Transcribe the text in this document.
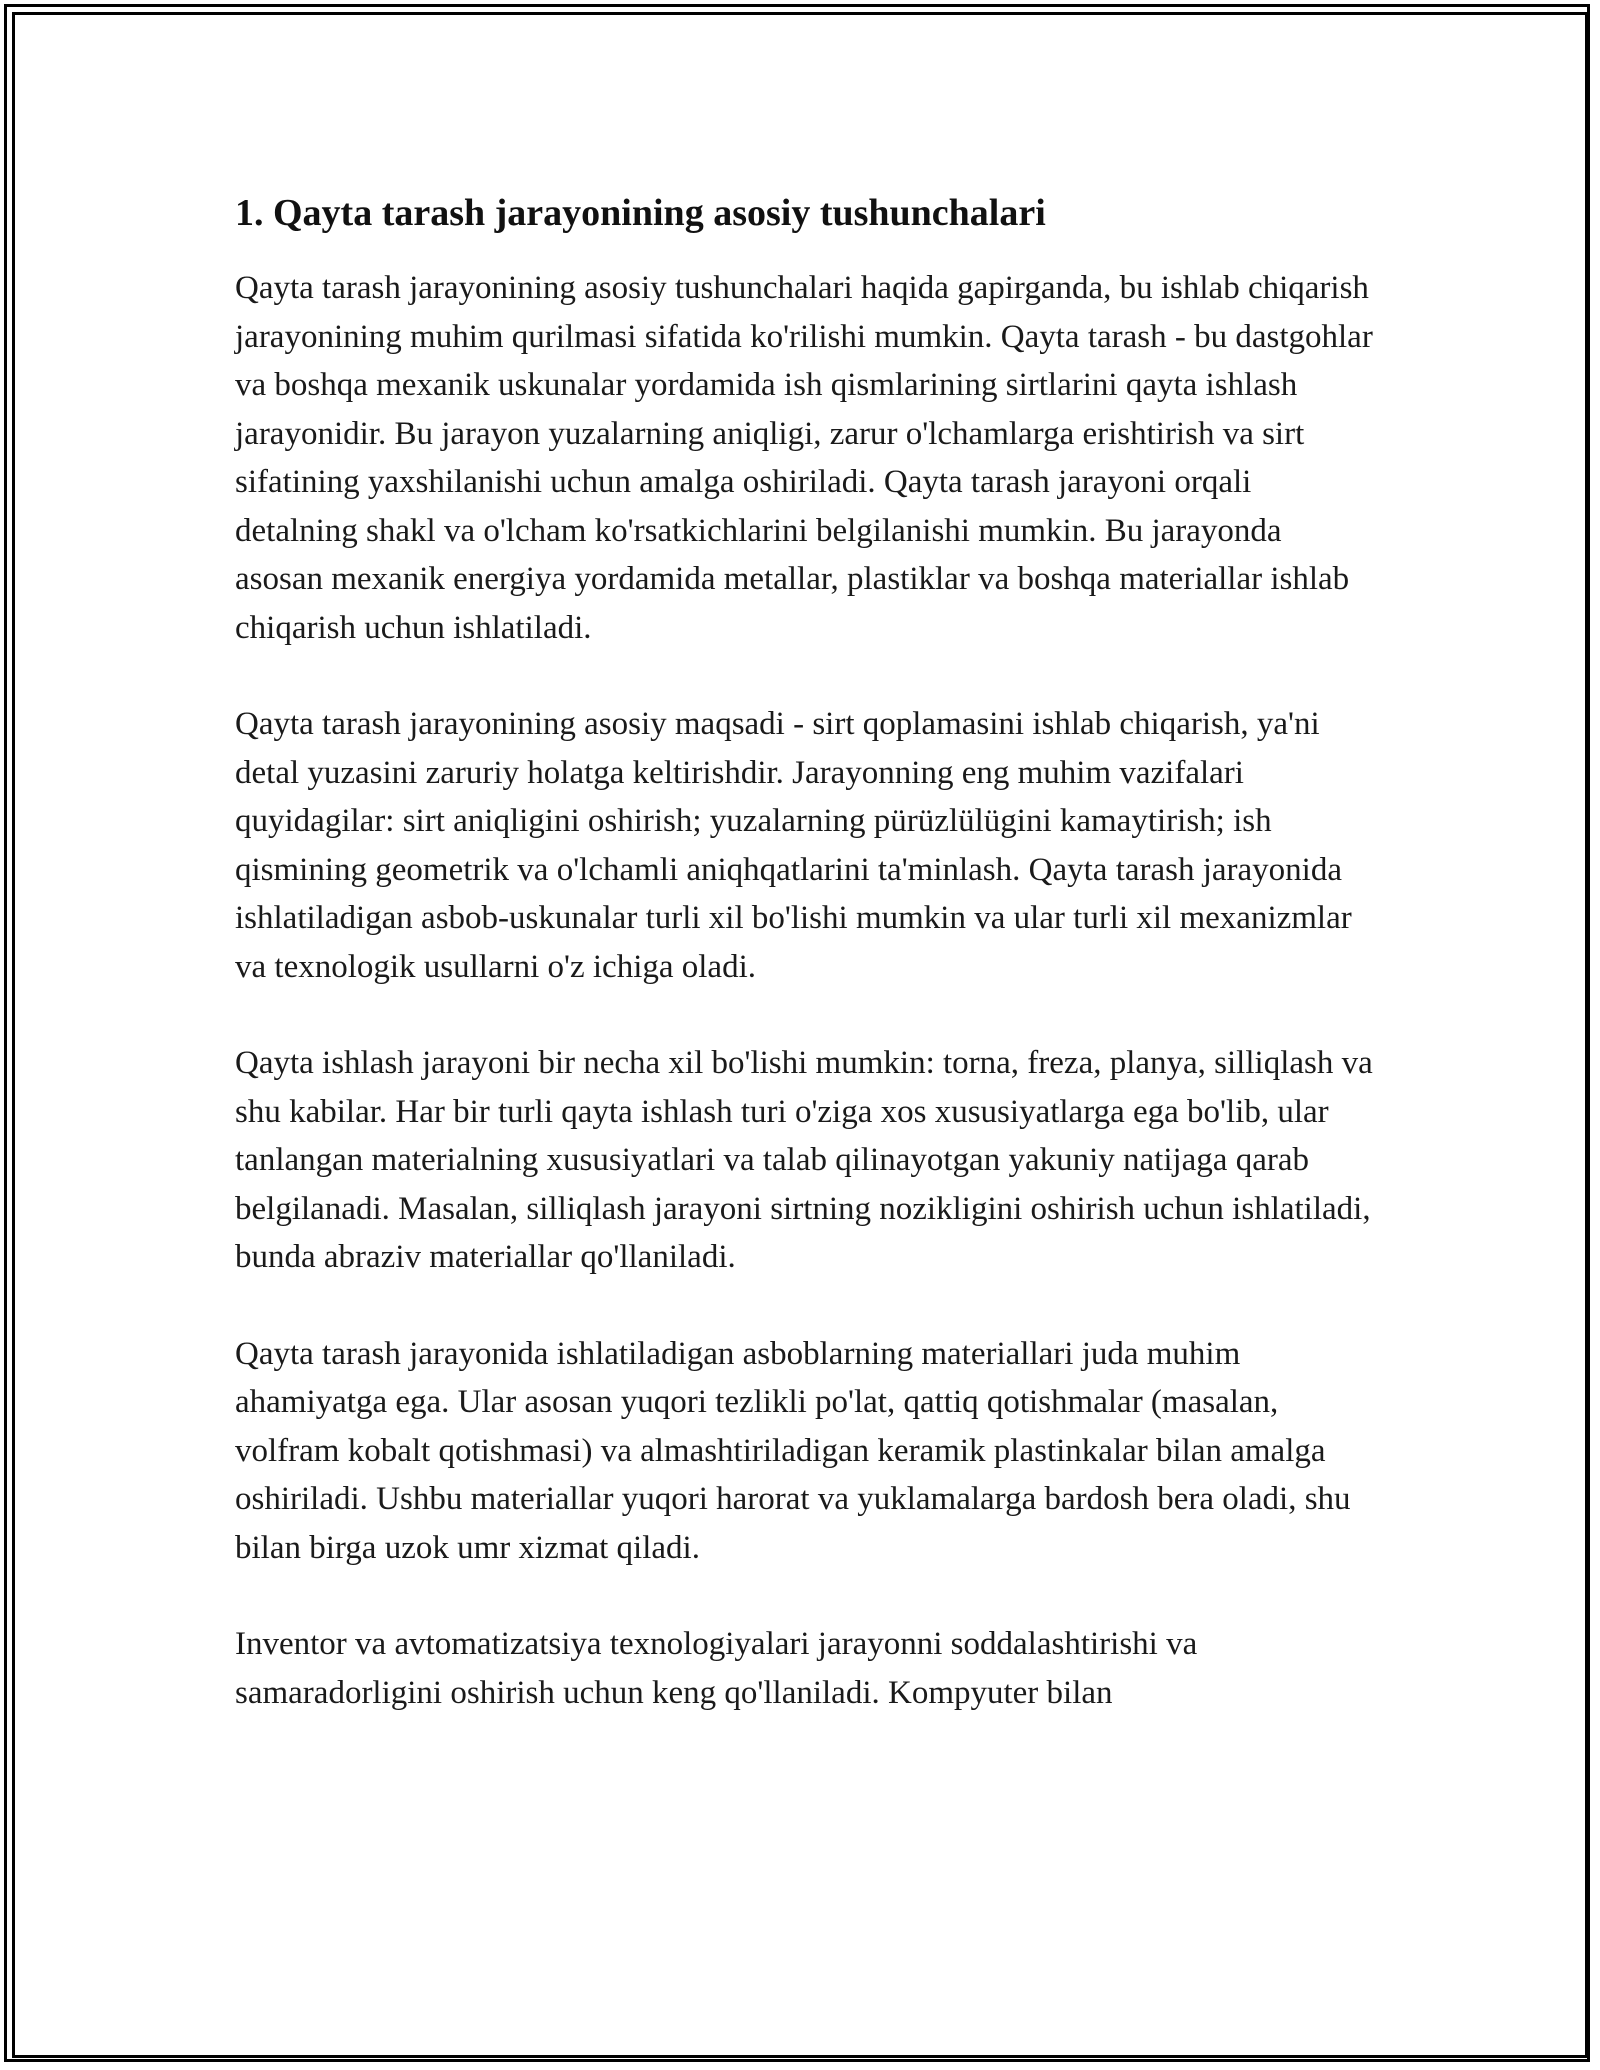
1. Qayta tarash jarayonining asosiy tushunchalari

Qayta tarash jarayonining asosiy tushunchalari haqida gapirganda, bu ishlab chiqarish jarayonining muhim qurilmasi sifatida ko'rilishi mumkin. Qayta tarash - bu dastgohlar va boshqa mexanik uskunalar yordamida ish qismlarining sirtlarini qayta ishlash jarayonidir. Bu jarayon yuzalarning aniqligi, zarur o'lchamlarga erishtirish va sirt sifatining yaxshilanishi uchun amalga oshiriladi. Qayta tarash jarayoni orqali detalning shakl va o'lcham ko'rsatkichlarini belgilanishi mumkin. Bu jarayonda asosan mexanik energiya yordamida metallar, plastiklar va boshqa materiallar ishlab chiqarish uchun ishlatiladi.

Qayta tarash jarayonining asosiy maqsadi - sirt qoplamasini ishlab chiqarish, ya'ni detal yuzasini zaruriy holatga keltirishdir. Jarayonning eng muhim vazifalari quyidagilar: sirt aniqligini oshirish; yuzalarning pürüzlülügini kamaytirish; ish qismining geometrik va o'lchamli aniqhqatlarini ta'minlash. Qayta tarash jarayonida ishlatiladigan asbob-uskunalar turli xil bo'lishi mumkin va ular turli xil mexanizmlar va texnologik usullarni o'z ichiga oladi.

Qayta ishlash jarayoni bir necha xil bo'lishi mumkin: torna, freza, planya, silliqlash va shu kabilar. Har bir turli qayta ishlash turi o'ziga xos xususiyatlarga ega bo'lib, ular tanlangan materialning xususiyatlari va talab qilinayotgan yakuniy natijaga qarab belgilanadi. Masalan, silliqlash jarayoni sirtning nozikligini oshirish uchun ishlatiladi, bunda abraziv materiallar qo'llaniladi.

Qayta tarash jarayonida ishlatiladigan asboblarning materiallari juda muhim ahamiyatga ega. Ular asosan yuqori tezlikli po'lat, qattiq qotishmalar (masalan, volfram kobalt qotishmasi) va almashtiriladigan keramik plastinkalar bilan amalga oshiriladi. Ushbu materiallar yuqori harorat va yuklamalarga bardosh bera oladi, shu bilan birga uzok umr xizmat qiladi.

Inventor va avtomatizatsiya texnologiyalari jarayonni soddalashtirishi va samaradorligini oshirish uchun keng qo'llaniladi. Kompyuter bilan
